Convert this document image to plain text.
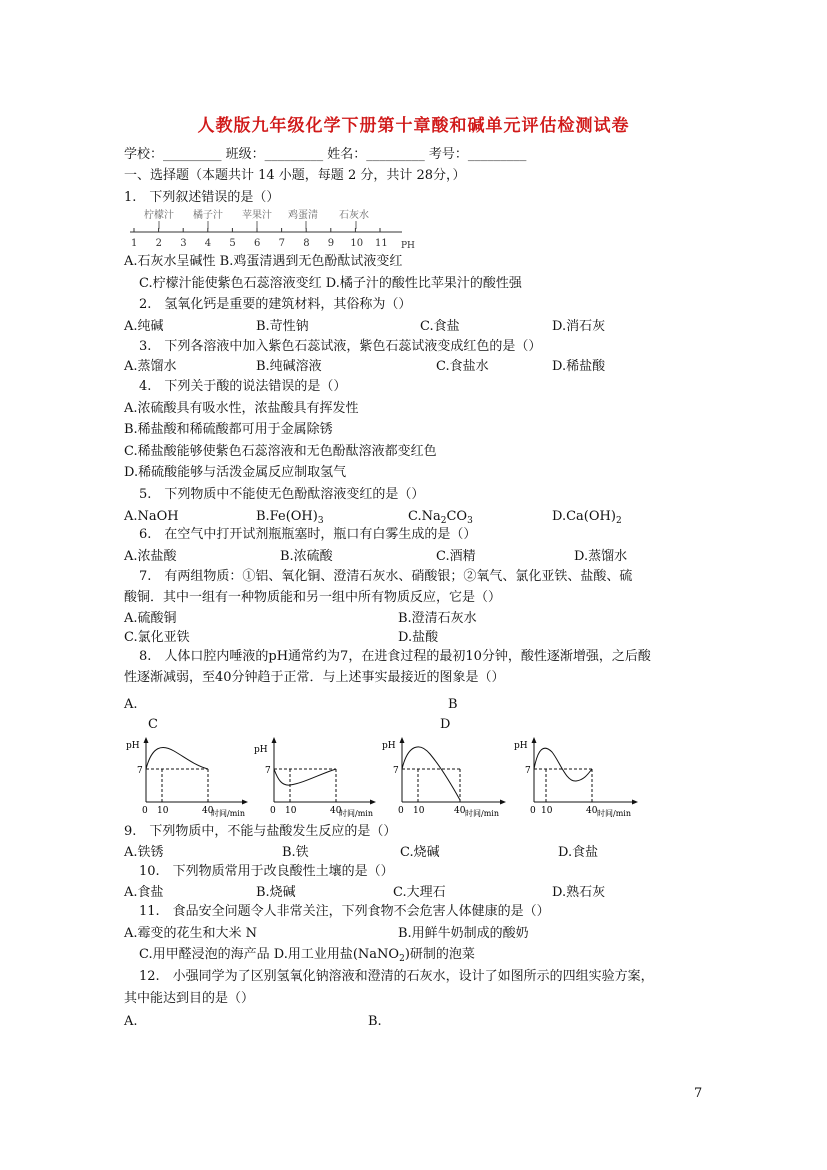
人教版九年级化学下册第十章酸和碱单元评估检测试卷
学校：_________ 班级：_________ 姓名：_________ 考号：_________
一、选择题（本题共计 14 小题，每题 2 分，共计 28分，）
1.　下列叙述错误的是（）
柠檬汁 橘子汁 苹果汁 鸡蛋清 石灰水
1 2 3 4 5 6 7 8 9 10 11 PH
A.石灰水呈碱性 B.鸡蛋清遇到无色酚酞试液变红
C.柠檬汁能使紫色石蕊溶液变红 D.橘子汁的酸性比苹果汁的酸性强
2.　氢氧化钙是重要的建筑材料，其俗称为（）
A.纯碱	B.苛性钠	C.食盐	D.消石灰
3.　下列各溶液中加入紫色石蕊试液，紫色石蕊试液变成红色的是（）
A.蒸馏水	B.纯碱溶液	C.食盐水	D.稀盐酸
4.　下列关于酸的说法错误的是（）
A.浓硫酸具有吸水性，浓盐酸具有挥发性
B.稀盐酸和稀硫酸都可用于金属除锈
C.稀盐酸能够使紫色石蕊溶液和无色酚酞溶液都变红色
D.稀硫酸能够与活泼金属反应制取氢气
5.　下列物质中不能使无色酚酞溶液变红的是（）
A.NaOH	$B.Fe(OH)_3$	$C.Na_2CO_3$	$D.Ca(OH)_2$
6.　在空气中打开试剂瓶瓶塞时，瓶口有白雾生成的是（）
A.浓盐酸	B.浓硫酸	C.酒精	D.蒸馏水
7.　有两组物质：①铝、氧化铜、澄清石灰水、硝酸银；②氧气、氯化亚铁、盐酸、硫
酸铜．其中一组有一种物质能和另一组中所有物质反应，它是（）
A.硫酸铜	B.澄清石灰水
C.氯化亚铁	D.盐酸
8.　人体口腔内唾液的pH通常约为7，在进食过程的最初10分钟，酸性逐渐增强，之后酸
性逐渐减弱，至40分钟趋于正常．与上述事实最接近的图象是（）
A.	B
C	D
pH
7
0 10	40
时间/min
pH
7
0 10	40
时间/min
pH
7
0 10	40 时间/min
pH
7
0 10	40 时间/min
9.　下列物质中，不能与盐酸发生反应的是（）
A.铁锈	B.铁	C.烧碱	D.食盐
10.　下列物质常用于改良酸性土壤的是（）
A.食盐	B.烧碱	C.大理石	D.熟石灰
11.　食品安全问题令人非常关注，下列食物不会危害人体健康的是（）
A.霉变的花生和大米 N	B.用鲜牛奶制成的酸奶
C.用甲醛浸泡的海产品 D.用工业用盐(NaNO$_2$)研制的泡菜
12.　小强同学为了区别氢氧化钠溶液和澄清的石灰水，设计了如图所示的四组实验方案，
其中能达到目的是（）
A.	B.
7
